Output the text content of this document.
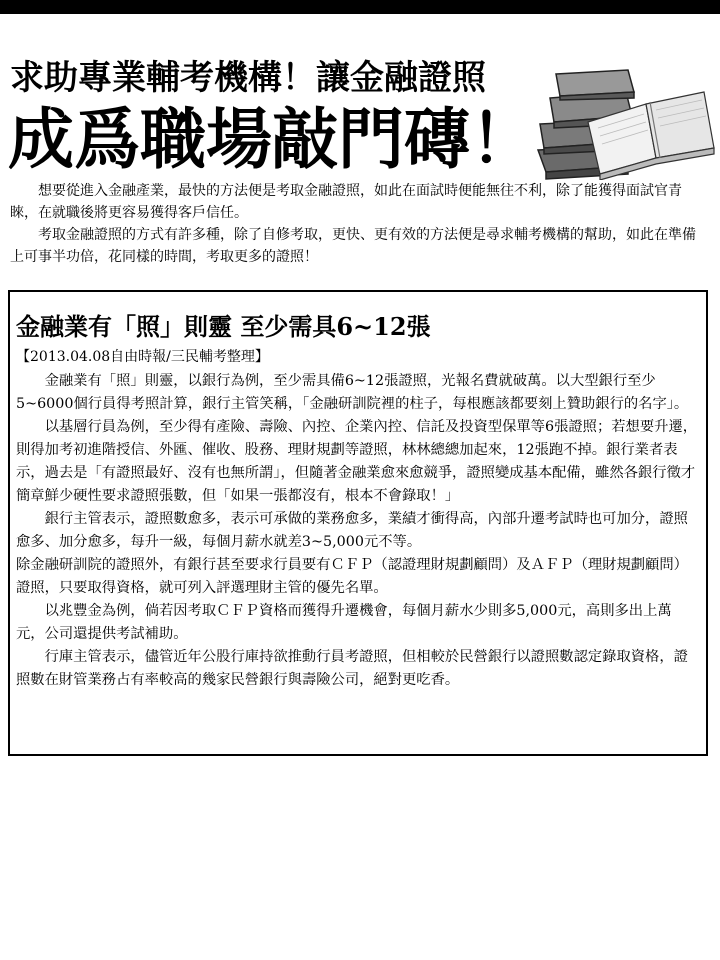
求助專業輔考機構！讓金融證照
成爲職場敲門磚！

想要從進入金融產業，最快的方法便是考取金融證照，如此在面試時便能無往不利，除了能獲得面試官青睞，在就職後將更容易獲得客戶信任。

考取金融證照的方式有許多種，除了自修考取，更快、更有效的方法便是尋求輔考機構的幫助，如此在準備上可事半功倍，花同樣的時間，考取更多的證照！

金融業有「照」則靈 至少需具6~12張
【2013.04.08自由時報/三民輔考整理】

金融業有「照」則靈，以銀行為例，至少需具備6~12張證照，光報名費就破萬。以大型銀行至少5~6000個行員得考照計算，銀行主管笑稱，「金融研訓院裡的柱子，每根應該都要刻上贊助銀行的名字」。

以基層行員為例，至少得有產險、壽險、內控、企業內控、信託及投資型保單等6張證照；若想要升遷，則得加考初進階授信、外匯、催收、股務、理財規劃等證照，林林總總加起來，12張跑不掉。銀行業者表示，過去是「有證照最好、沒有也無所謂」，但隨著金融業愈來愈競爭，證照變成基本配備，雖然各銀行徵才簡章鮮少硬性要求證照張數，但「如果一張都沒有，根本不會錄取！」

銀行主管表示，證照數愈多，表示可承做的業務愈多，業績才衝得高，內部升遷考試時也可加分，證照愈多、加分愈多，每升一級，每個月薪水就差3~5,000元不等。

除金融研訓院的證照外，有銀行甚至要求行員要有ＣＦＰ（認證理財規劃顧問）及ＡＦＰ（理財規劃顧問）證照，只要取得資格，就可列入評選理財主管的優先名單。

以兆豐金為例，倘若因考取ＣＦＰ資格而獲得升遷機會，每個月薪水少則多5,000元，高則多出上萬元，公司還提供考試補助。

行庫主管表示，儘管近年公股行庫持欲推動行員考證照，但相較於民營銀行以證照數認定錄取資格，證照數在財管業務占有率較高的幾家民營銀行與壽險公司，絕對更吃香。
